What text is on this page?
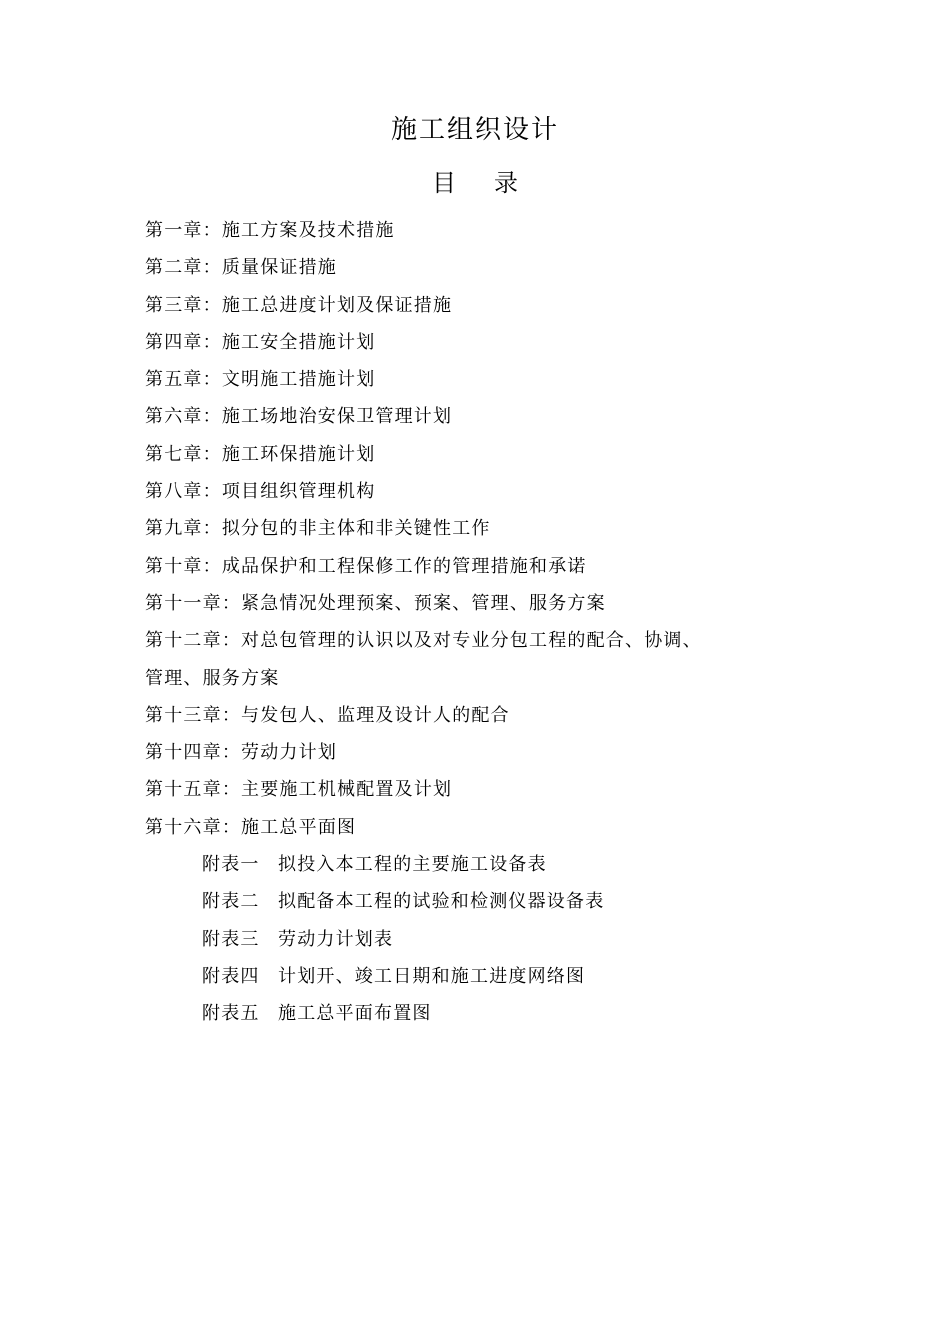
施工组织设计
目 录
第一章：施工方案及技术措施
第二章：质量保证措施
第三章：施工总进度计划及保证措施
第四章：施工安全措施计划
第五章：文明施工措施计划
第六章：施工场地治安保卫管理计划
第七章：施工环保措施计划
第八章：项目组织管理机构
第九章：拟分包的非主体和非关键性工作
第十章：成品保护和工程保修工作的管理措施和承诺
第十一章：紧急情况处理预案、预案、管理、服务方案
第十二章：对总包管理的认识以及对专业分包工程的配合、协调、
管理、服务方案
第十三章：与发包人、监理及设计人的配合
第十四章：劳动力计划
第十五章：主要施工机械配置及计划
第十六章：施工总平面图
附表一 拟投入本工程的主要施工设备表
附表二 拟配备本工程的试验和检测仪器设备表
附表三 劳动力计划表
附表四 计划开、竣工日期和施工进度网络图
附表五 施工总平面布置图
